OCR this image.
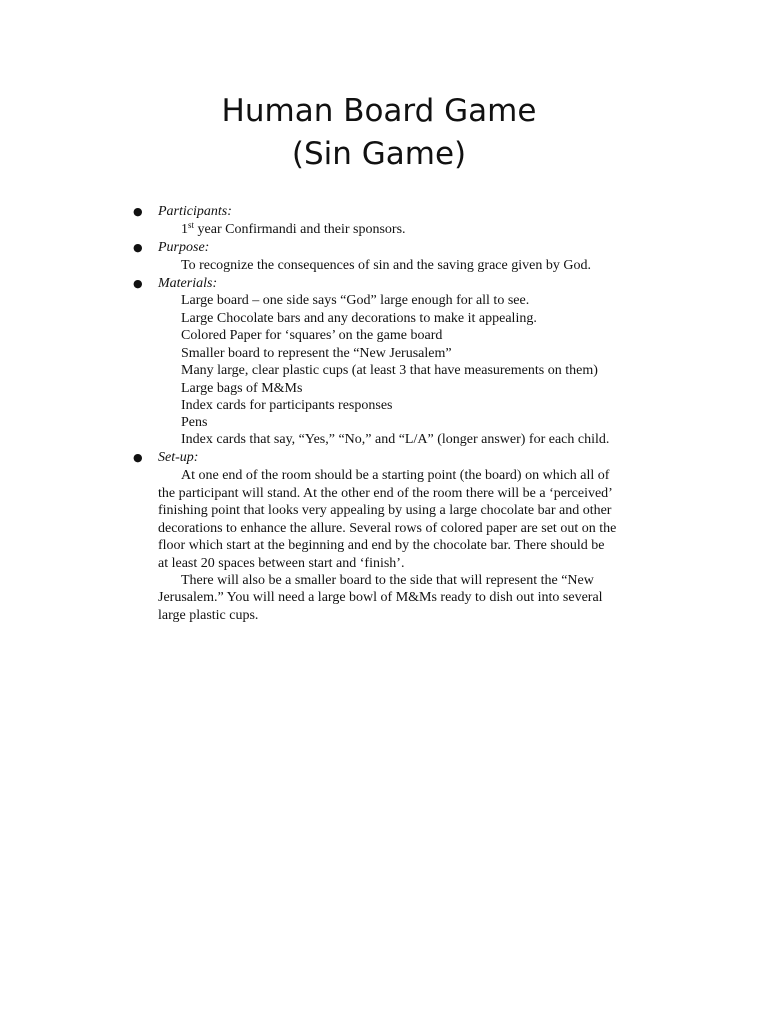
Human Board Game
(Sin Game)
● Participants:
1st year Confirmandi and their sponsors.
● Purpose:
To recognize the consequences of sin and the saving grace given by God.
● Materials:
Large board – one side says “God” large enough for all to see.
Large Chocolate bars and any decorations to make it appealing.
Colored Paper for ‘squares’ on the game board
Smaller board to represent the “New Jerusalem”
Many large, clear plastic cups (at least 3 that have measurements on them)
Large bags of M&Ms
Index cards for participants responses
Pens
Index cards that say, “Yes,” “No,” and “L/A” (longer answer) for each child.
● Set-up:
At one end of the room should be a starting point (the board) on which all of
the participant will stand. At the other end of the room there will be a ‘perceived’
finishing point that looks very appealing by using a large chocolate bar and other
decorations to enhance the allure. Several rows of colored paper are set out on the
floor which start at the beginning and end by the chocolate bar. There should be
at least 20 spaces between start and ‘finish’.
There will also be a smaller board to the side that will represent the “New
Jerusalem.” You will need a large bowl of M&Ms ready to dish out into several
large plastic cups.
